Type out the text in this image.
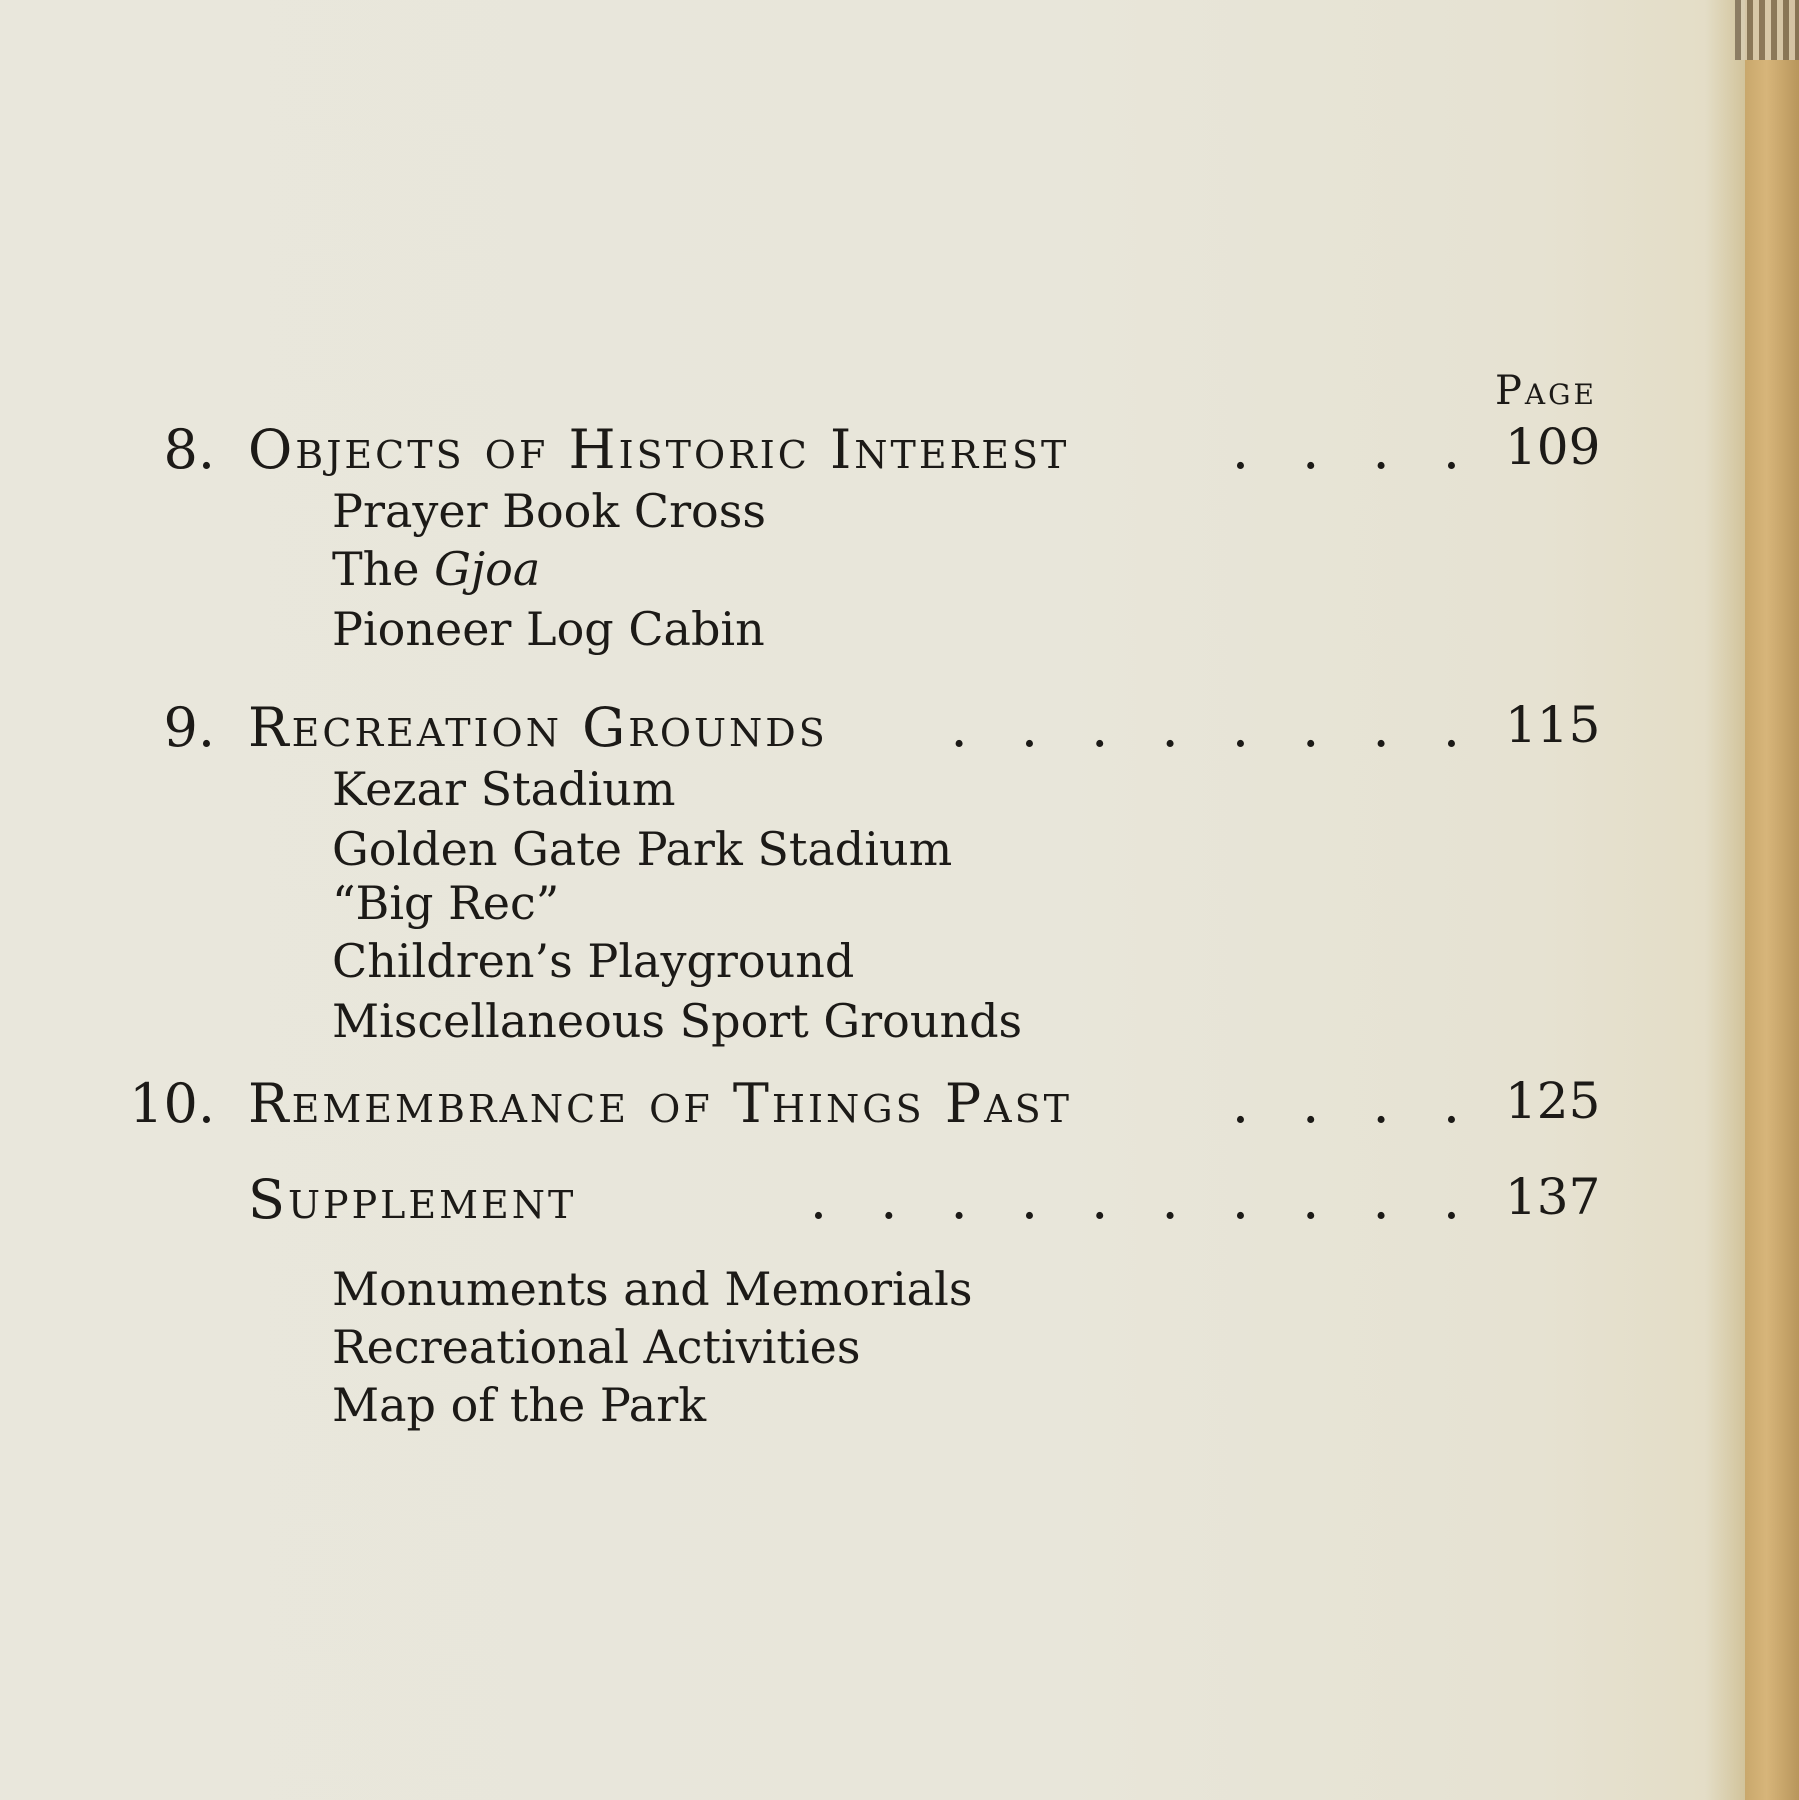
Page
8. Objects of Historic Interest	. . . . 109
Prayer Book Cross
The Gjoa
Pioneer Log Cabin
9. Recreation Grounds . . . . . . . . 115
Kezar Stadium
Golden Gate Park Stadium
“Big Rec”
Children’s Playground
Miscellaneous Sport Grounds
10. Remembrance of Things Past	. . . . 125
Supplement	. . . . . . . . . . 137
Monuments and Memorials
Recreational Activities
Map of the Park
